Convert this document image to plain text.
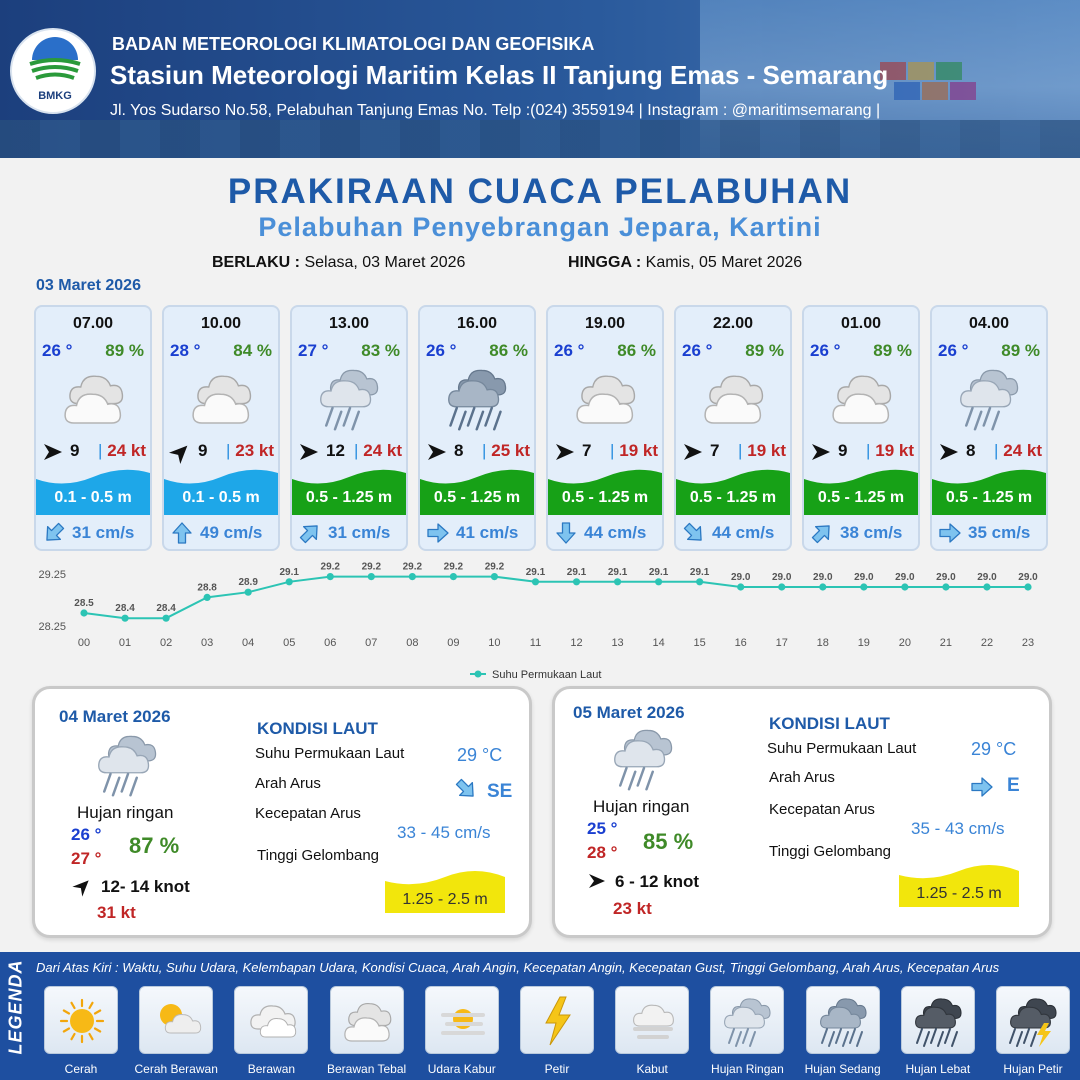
BMKG
BADAN METEOROLOGI KLIMATOLOGI DAN GEOFISIKA
Stasiun Meteorologi Maritim Kelas II Tanjung Emas - Semarang
Jl. Yos Sudarso No.58, Pelabuhan Tanjung Emas No. Telp :(024) 3559194 | Instagram : @maritimsemarang |
PRAKIRAAN CUACA PELABUHAN
Pelabuhan Penyebrangan Jepara, Kartini
BERLAKU : Selasa, 03 Maret 2026	HINGGA : Kamis, 05 Maret 2026
03 Maret 2026
07.00
26 ° 89 %
9 | 24 kt
0.1 - 0.5 m
31 cm/s
10.00
28 ° 84 %
9 | 23 kt
0.1 - 0.5 m
49 cm/s
13.00
27 ° 83 %
12 | 24 kt
0.5 - 1.25 m
31 cm/s
16.00
26 ° 86 %
8 | 25 kt
0.5 - 1.25 m
41 cm/s
19.00
26 ° 86 %
7 | 19 kt
0.5 - 1.25 m
44 cm/s
22.00
26 ° 89 %
7 | 19 kt
0.5 - 1.25 m
44 cm/s
01.00
26 ° 89 %
9 | 19 kt
0.5 - 1.25 m
38 cm/s
04.00
26 ° 89 %
8 | 24 kt
0.5 - 1.25 m
35 cm/s
29.25
28.25
28.5
00
28.4
01
28.4
02
28.8
03
28.9
04
29.1
05
29.2
06
29.2
07
29.2
08
29.2
09
29.2
10
29.1
11
29.1
12
29.1
13
29.1
14
29.1
15
29.0
16
29.0
17
29.0
18
29.0
19
29.0
20
29.0
21
29.0
22
29.0
23
Suhu Permukaan Laut
04 Maret 2026
Hujan ringan
26 °
27 °
87 %
12- 14 knot
31 kt
KONDISI LAUT
Suhu Permukaan Laut	29 °C
Arah Arus	SE
Kecepatan Arus
33 - 45 cm/s
Tinggi Gelombang
1.25 - 2.5 m
05 Maret 2026
Hujan ringan
25 °
28 ° 85 %
6 - 12 knot
23 kt
KONDISI LAUT
Suhu Permukaan Laut	29 °C
Arah Arus	E
Kecepatan Arus
35 - 43 cm/s
Tinggi Gelombang
1.25 - 2.5 m
LEGENDA Dari Atas Kiri : Waktu, Suhu Udara, Kelembapan Udara, Kondisi Cuaca, Arah Angin, Kecepatan Angin, Kecepatan Gust, Tinggi Gelombang, Arah Arus, Kecepatan Arus
Cerah	Cerah Berawan	Berawan	Berawan Tebal	Udara Kabur	Petir	Kabut	Hujan Ringan	Hujan Sedang	Hujan Lebat	Hujan Petir
